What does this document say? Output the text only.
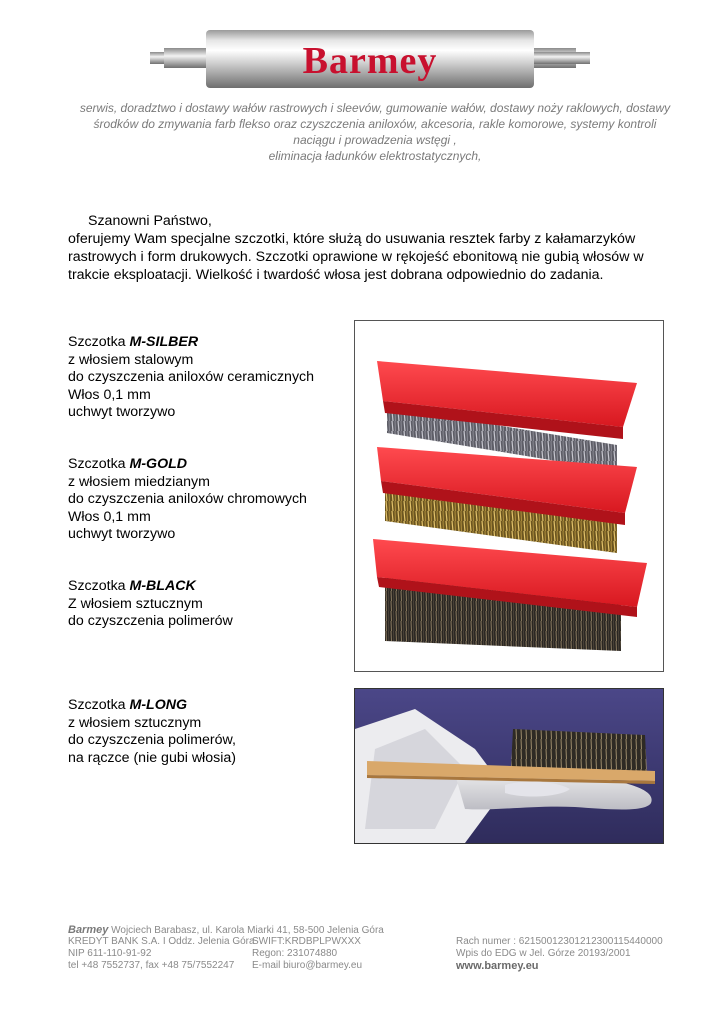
Barmey
serwis, doradztwo i dostawy wałów rastrowych i sleevów, gumowanie wałów, dostawy noży raklowych, dostawy
środków do zmywania farb flekso oraz czyszczenia aniloxów, akcesoria, rakle komorowe, systemy kontroli
naciągu i prowadzenia wstęgi ,
eliminacja ładunków elektrostatycznych,
Szanowni Państwo,
oferujemy Wam specjalne szczotki, które służą do usuwania resztek farby z kałamarzyków rastrowych i form drukowych. Szczotki oprawione w rękojeść ebonitową nie gubią włosów w trakcie eksploatacji. Wielkość i twardość włosa jest dobrana odpowiednio do zadania.
Szczotka M-SILBER
z włosiem stalowym
do czyszczenia aniloxów ceramicznych
Włos 0,1 mm
uchwyt tworzywo
Szczotka M-GOLD
z włosiem miedzianym
do czyszczenia aniloxów chromowych
Włos 0,1 mm
uchwyt tworzywo
Szczotka M-BLACK
Z włosiem sztucznym
do czyszczenia polimerów
Szczotka M-LONG
z włosiem sztucznym
do czyszczenia polimerów,
na rączce (nie gubi włosia)
Barmey Wojciech Barabasz, ul. Karola Miarki 41, 58-500 Jelenia Góra
KREDYT BANK S.A. I Oddz. Jelenia Góra
NIP 611-110-91-92
tel +48 7552737, fax +48 75/7552247
SWIFT:KRDBPLPWXXX
Regon: 231074880
E-mail biuro@barmey.eu
Rach numer : 62150012301212300115440000
Wpis do EDG w Jel. Górze 20193/2001
www.barmey.eu
